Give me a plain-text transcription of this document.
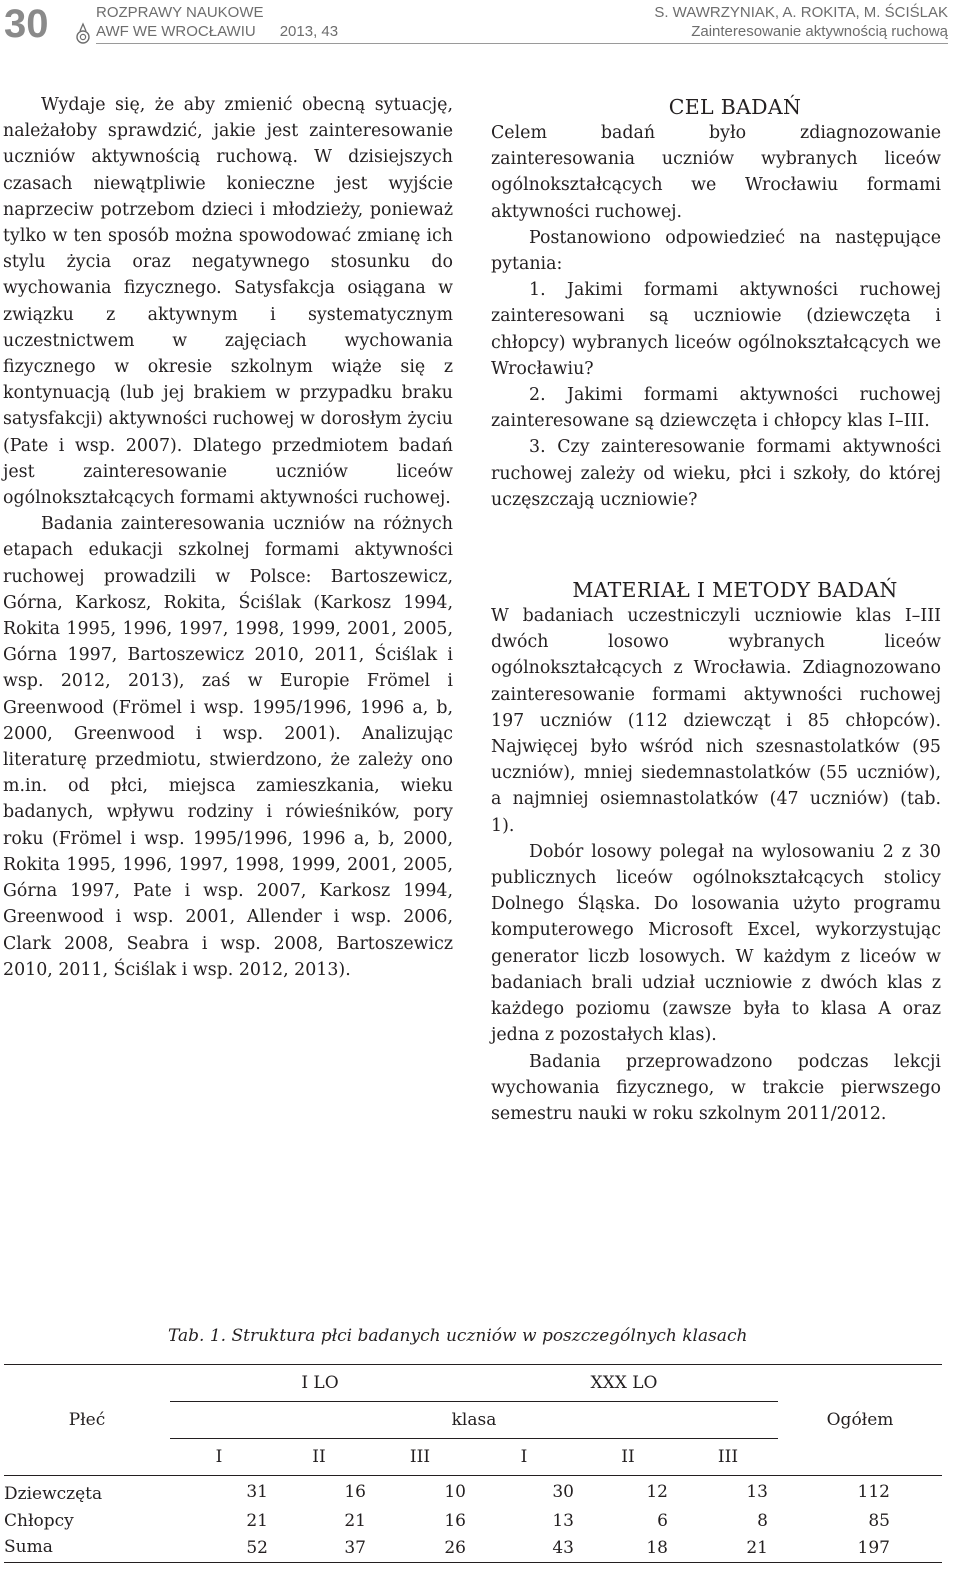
30	ROZPRAWY NAUKOWE
AWF WE WROCŁAWIU 2013, 43
S. WAWRZYNIAK, A. ROKITA, M. ŚCIŚLAK
Zainteresowanie aktywnością ruchową

Wydaje się, że aby zmienić obecną sytuację, należałoby sprawdzić, jakie jest zainteresowanie uczniów aktywnością ruchową. W dzisiejszych czasach niewątpliwie konieczne jest wyjście naprzeciw potrzebom dzieci i młodzieży, ponieważ tylko w ten sposób można spowodować zmianę ich stylu życia oraz negatywnego stosunku do wychowania fizycznego. Satysfakcja osiągana w związku z aktywnym i systematycznym uczestnictwem w zajęciach wychowania fizycznego w okresie szkolnym wiąże się z kontynuacją (lub jej brakiem w przypadku braku satysfakcji) aktywności ruchowej w dorosłym życiu (Pate i wsp. 2007). Dlatego przedmiotem badań jest zainteresowanie uczniów liceów ogólnokształcących formami aktywności ruchowej.

Badania zainteresowania uczniów na różnych etapach edukacji szkolnej formami aktywności ruchowej prowadzili w Polsce: Bartoszewicz, Górna, Karkosz, Rokita, Ściślak (Karkosz 1994, Rokita 1995, 1996, 1997, 1998, 1999, 2001, 2005, Górna 1997, Bartoszewicz 2010, 2011, Ściślak i wsp. 2012, 2013), zaś w Europie Frömel i Greenwood (Frömel i wsp. 1995/1996, 1996 a, b, 2000, Greenwood i wsp. 2001). Analizując literaturę przedmiotu, stwierdzono, że zależy ono m.in. od płci, miejsca zamieszkania, wieku badanych, wpływu rodziny i rówieśników, pory roku (Frömel i wsp. 1995/1996, 1996 a, b, 2000, Rokita 1995, 1996, 1997, 1998, 1999, 2001, 2005, Górna 1997, Pate i wsp. 2007, Karkosz 1994, Greenwood i wsp. 2001, Allender i wsp. 2006, Clark 2008, Seabra i wsp. 2008, Bartoszewicz 2010, 2011, Ściślak i wsp. 2012, 2013).

CEL BADAŃ

Celem badań było zdiagnozowanie zainteresowania uczniów wybranych liceów ogólnokształcących we Wrocławiu formami aktywności ruchowej.

Postanowiono odpowiedzieć na następujące pytania:

1. Jakimi formami aktywności ruchowej zainteresowani są uczniowie (dziewczęta i chłopcy) wybranych liceów ogólnokształcących we Wrocławiu?

2. Jakimi formami aktywności ruchowej zainteresowane są dziewczęta i chłopcy klas I–III.

3. Czy zainteresowanie formami aktywności ruchowej zależy od wieku, płci i szkoły, do której uczęszczają uczniowie?

MATERIAŁ I METODY BADAŃ

W badaniach uczestniczyli uczniowie klas I–III dwóch losowo wybranych liceów ogólnokształcących z Wrocławia. Zdiagnozowano zainteresowanie formami aktywności ruchowej 197 uczniów (112 dziewcząt i 85 chłopców). Najwięcej było wśród nich szesnastolatków (95 uczniów), mniej siedemnastolatków (55 uczniów), a najmniej osiemnastolatków (47 uczniów) (tab. 1).

Dobór losowy polegał na wylosowaniu 2 z 30 publicznych liceów ogólnokształcących stolicy Dolnego Śląska. Do losowania użyto programu komputerowego Microsoft Excel, wykorzystując generator liczb losowych. W każdym z liceów w badaniach brali udział uczniowie z dwóch klas z każdego poziomu (zawsze była to klasa A oraz jedna z pozostałych klas).

Badania przeprowadzono podczas lekcji wychowania fizycznego, w trakcie pierwszego semestru nauki w roku szkolnym 2011/2012.

Tab. 1. Struktura płci badanych uczniów w poszczególnych klasach
Płeć	I LO			XXX LO			Ogółem
	klasa						
	I	II	III	I	II	III	
Dziewczęta	31	16	10	30	12	13	112
Chłopcy	21	21	16	13	6	8	85
Suma	52	37	26	43	18	21	197
